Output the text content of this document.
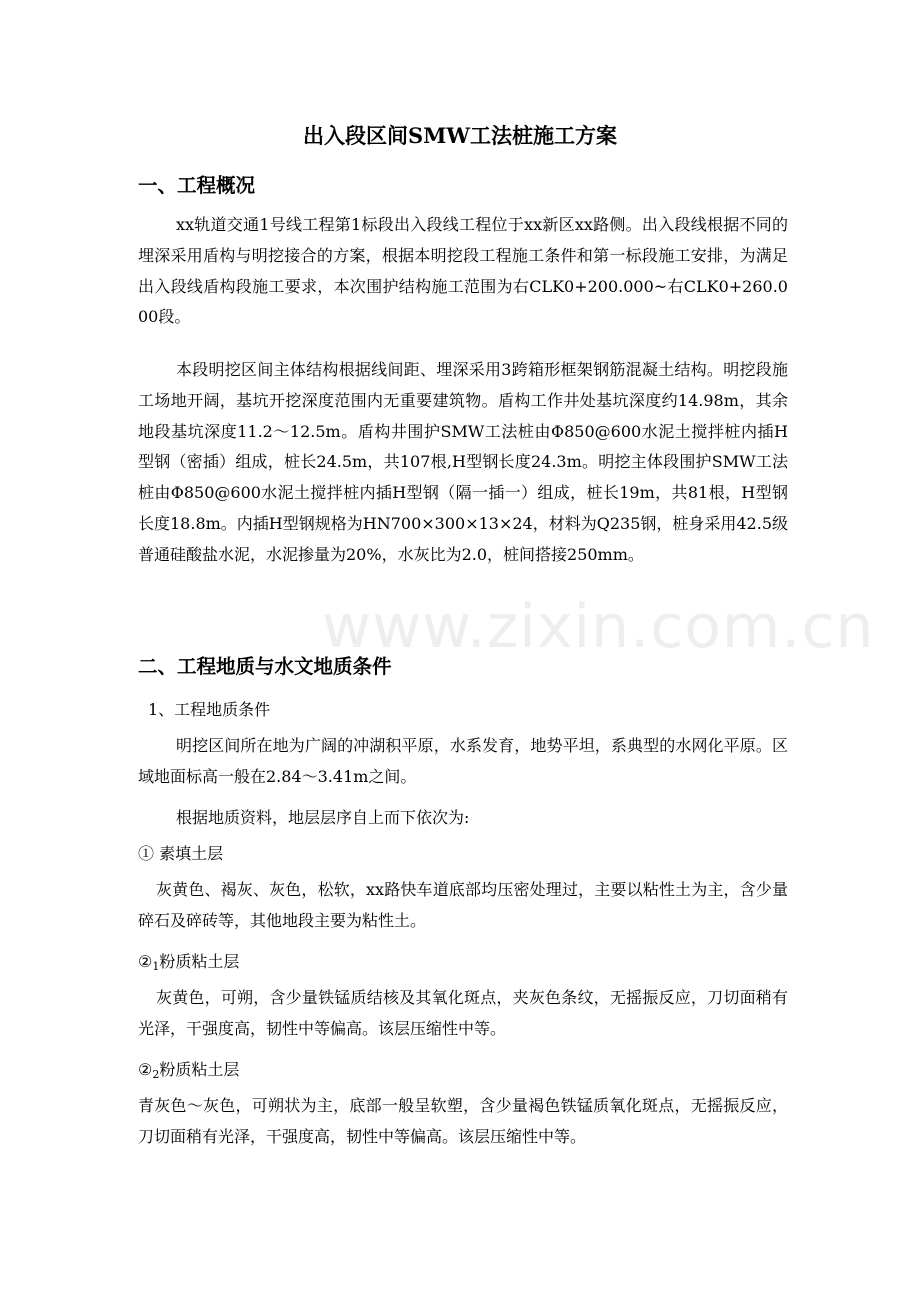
出入段区间SMW工法桩施工方案
一、工程概况
xx轨道交通1号线工程第1标段出入段线工程位于xx新区xx路侧。出入段线根据不同的埋深采用盾构与明挖接合的方案，根据本明挖段工程施工条件和第一标段施工安排，为满足出入段线盾构段施工要求，本次围护结构施工范围为右CLK0+200.000~右CLK0+260.000段。
本段明挖区间主体结构根据线间距、埋深采用3跨箱形框架钢筋混凝土结构。明挖段施工场地开阔，基坑开挖深度范围内无重要建筑物。盾构工作井处基坑深度约14.98m，其余地段基坑深度11.2～12.5m。盾构井围护SMW工法桩由Φ850@600水泥土搅拌桩内插H型钢（密插）组成，桩长24.5m，共107根,H型钢长度24.3m。明挖主体段围护SMW工法桩由Φ850@600水泥土搅拌桩内插H型钢（隔一插一）组成，桩长19m，共81根，H型钢长度18.8m。内插H型钢规格为HN700×300×13×24，材料为Q235钢，桩身采用42.5级普通硅酸盐水泥，水泥掺量为20%，水灰比为2.0，桩间搭接250mm。
二、工程地质与水文地质条件
1、工程地质条件
明挖区间所在地为广阔的冲湖积平原，水系发育，地势平坦，系典型的水网化平原。区域地面标高一般在2.84～3.41m之间。
根据地质资料，地层层序自上而下依次为:
① 素填土层
灰黄色、褐灰、灰色，松软，xx路快车道底部均压密处理过，主要以粘性土为主，含少量碎石及碎砖等，其他地段主要为粘性土。
$②_1$粉质粘土层
灰黄色，可朔，含少量铁锰质结核及其氧化斑点，夹灰色条纹，无摇振反应，刀切面稍有光泽，干强度高，韧性中等偏高。该层压缩性中等。
$②_2$粉质粘土层
青灰色～灰色，可朔状为主，底部一般呈软塑，含少量褐色铁锰质氧化斑点，无摇振反应，刀切面稍有光泽，干强度高，韧性中等偏高。该层压缩性中等。
www.zixin.com.cn
